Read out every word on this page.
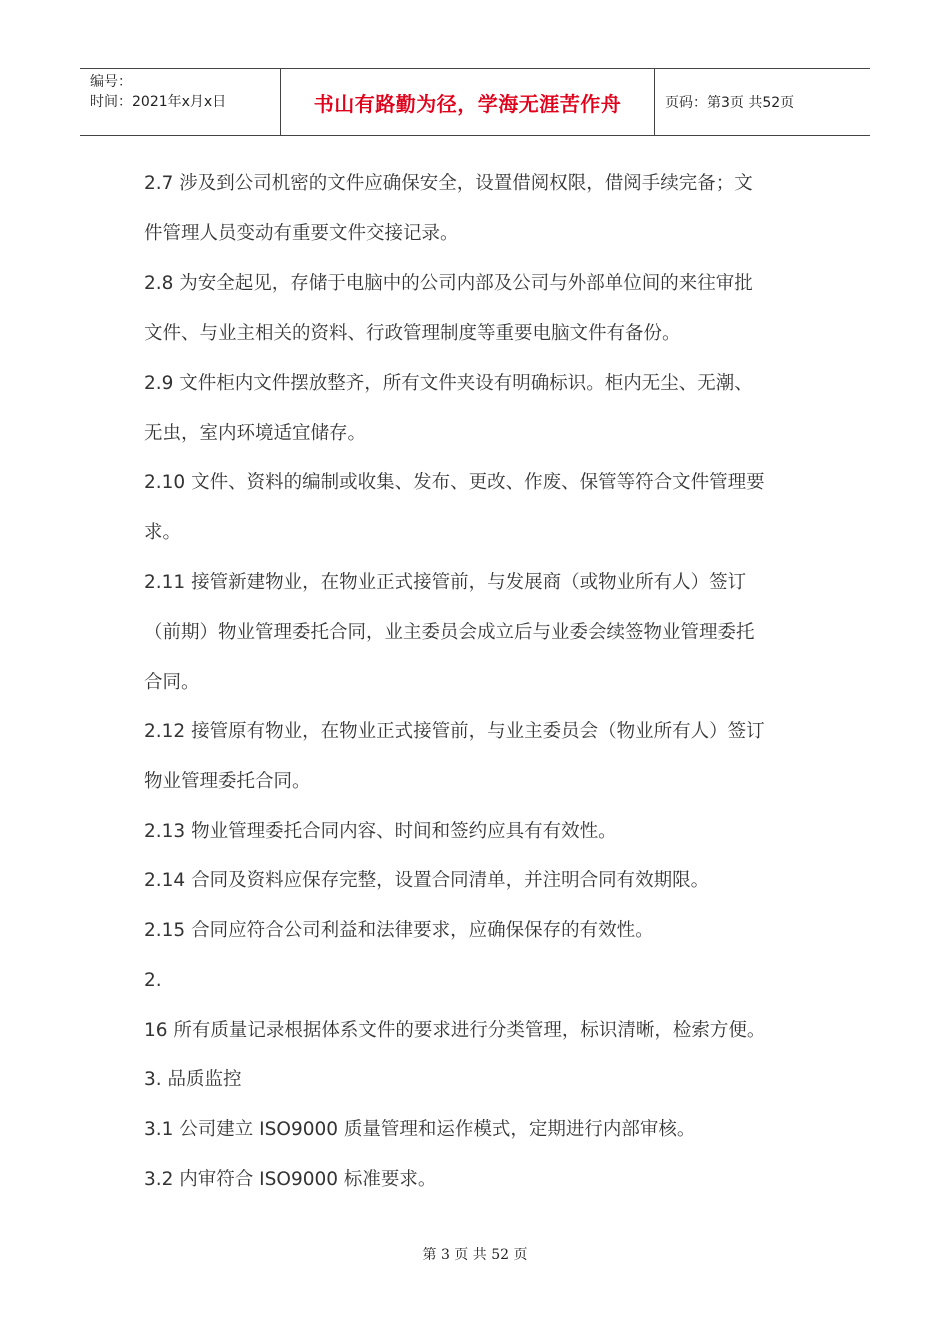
编号：
时间：2021年x月x日	书山有路勤为径，学海无涯苦作舟	页码：第3页 共52页
2.7 涉及到公司机密的文件应确保安全，设置借阅权限，借阅手续完备；文
件管理人员变动有重要文件交接记录。
2.8 为安全起见，存储于电脑中的公司内部及公司与外部单位间的来往审批
文件、与业主相关的资料、行政管理制度等重要电脑文件有备份。
2.9 文件柜内文件摆放整齐，所有文件夹设有明确标识。柜内无尘、无潮、
无虫，室内环境适宜储存。
2.10 文件、资料的编制或收集、发布、更改、作废、保管等符合文件管理要
求。
2.11 接管新建物业，在物业正式接管前，与发展商（或物业所有人）签订
（前期）物业管理委托合同，业主委员会成立后与业委会续签物业管理委托
合同。
2.12 接管原有物业，在物业正式接管前，与业主委员会（物业所有人）签订
物业管理委托合同。
2.13 物业管理委托合同内容、时间和签约应具有有效性。
2.14 合同及资料应保存完整，设置合同清单，并注明合同有效期限。
2.15 合同应符合公司利益和法律要求，应确保保存的有效性。
2.
16 所有质量记录根据体系文件的要求进行分类管理，标识清晰，检索方便。
3. 品质监控
3.1 公司建立 ISO9000 质量管理和运作模式，定期进行内部审核。
3.2 内审符合 ISO9000 标准要求。
第 3 页 共 52 页
